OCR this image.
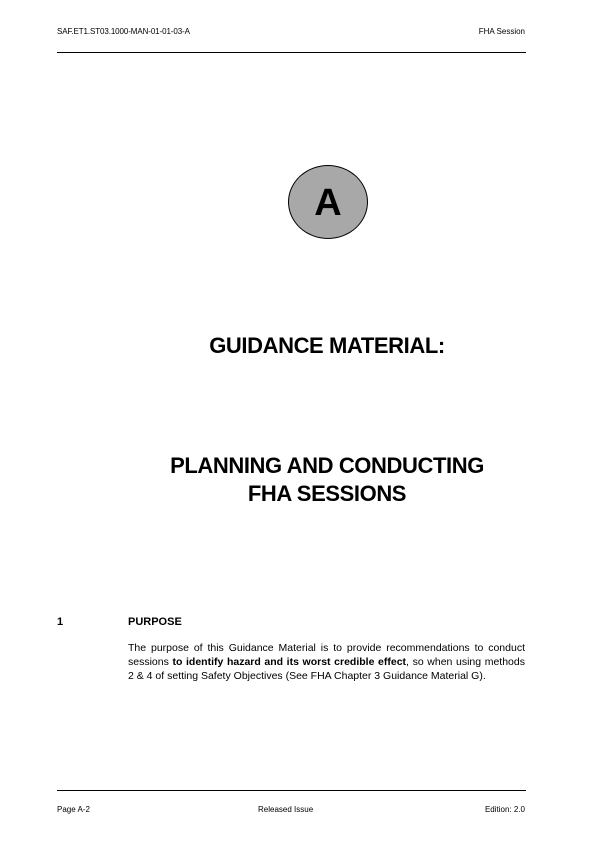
SAF.ET1.ST03.1000-MAN-01-01-03-A	FHA Session
A
GUIDANCE MATERIAL:
PLANNING AND CONDUCTING
FHA SESSIONS
1	PURPOSE
The purpose of this Guidance Material is to provide recommendations to conduct sessions to identify hazard and its worst credible effect, so when using methods 2 & 4 of setting Safety Objectives (See FHA Chapter 3 Guidance Material G).
Page A-2	Released Issue	Edition: 2.0
